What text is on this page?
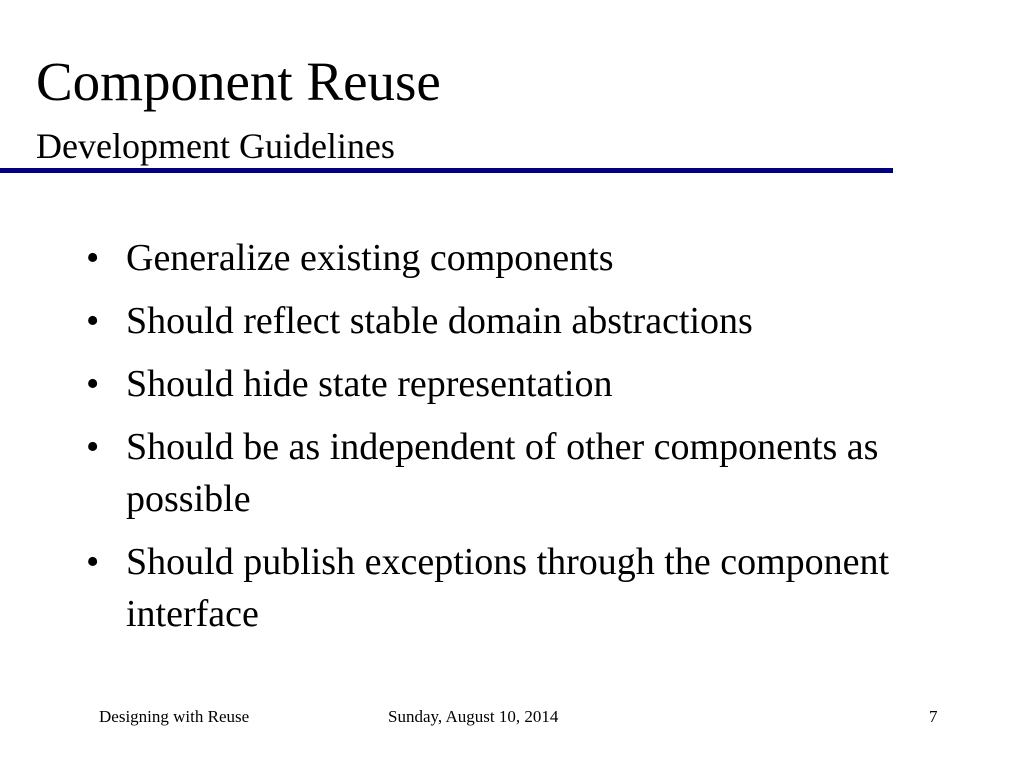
Component Reuse
Development Guidelines
• Generalize existing components
• Should reflect stable domain abstractions
• Should hide state representation
• Should be as independent of other components as possible
• Should publish exceptions through the component interface
Designing with Reuse	Sunday, August 10, 2014	7
